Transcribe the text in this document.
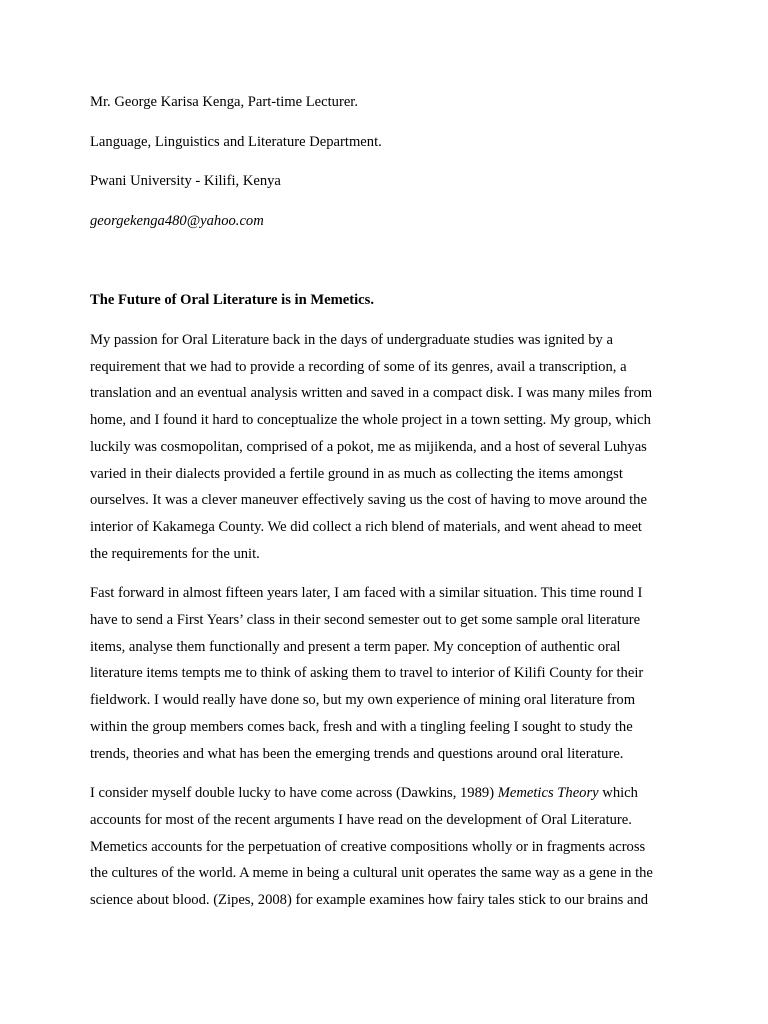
Mr. George Karisa Kenga, Part-time Lecturer.

Language, Linguistics and Literature Department.

Pwani University - Kilifi, Kenya

georgekenga480@yahoo.com

The Future of Oral Literature is in Memetics.

My passion for Oral Literature back in the days of undergraduate studies was ignited by a
requirement that we had to provide a recording of some of its genres, avail a transcription, a
translation and an eventual analysis written and saved in a compact disk. I was many miles from
home, and I found it hard to conceptualize the whole project in a town setting. My group, which
luckily was cosmopolitan, comprised of a pokot, me as mijikenda, and a host of several Luhyas
varied in their dialects provided a fertile ground in as much as collecting the items amongst
ourselves. It was a clever maneuver effectively saving us the cost of having to move around the
interior of Kakamega County. We did collect a rich blend of materials, and went ahead to meet
the requirements for the unit.

Fast forward in almost fifteen years later, I am faced with a similar situation. This time round I
have to send a First Years’ class in their second semester out to get some sample oral literature
items, analyse them functionally and present a term paper. My conception of authentic oral
literature items tempts me to think of asking them to travel to interior of Kilifi County for their
fieldwork. I would really have done so, but my own experience of mining oral literature from
within the group members comes back, fresh and with a tingling feeling I sought to study the
trends, theories and what has been the emerging trends and questions around oral literature.

I consider myself double lucky to have come across (Dawkins, 1989) Memetics Theory which
accounts for most of the recent arguments I have read on the development of Oral Literature.
Memetics accounts for the perpetuation of creative compositions wholly or in fragments across
the cultures of the world. A meme in being a cultural unit operates the same way as a gene in the
science about blood. (Zipes, 2008) for example examines how fairy tales stick to our brains and
